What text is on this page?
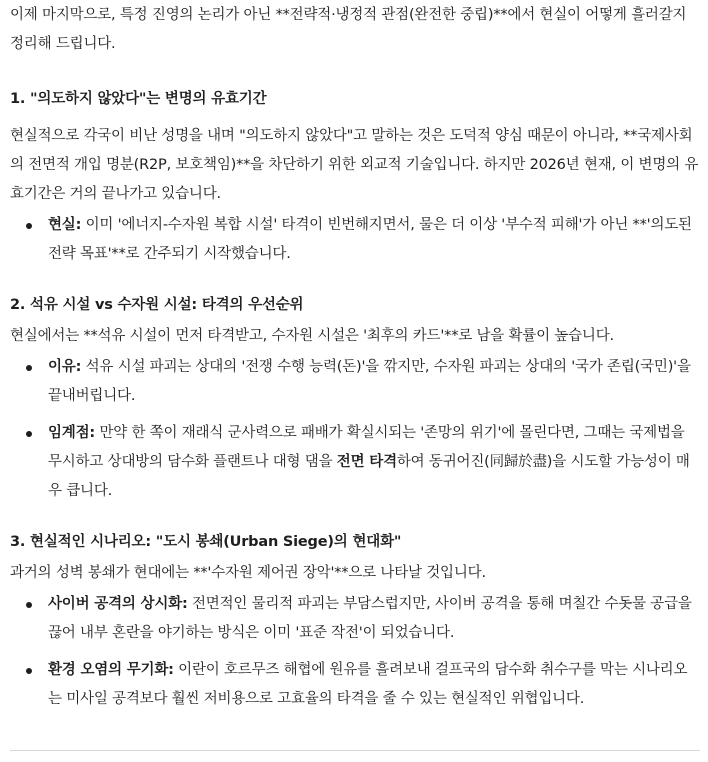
이제 마지막으로, 특정 진영의 논리가 아닌 **전략적·냉정적 관점(완전한 중립)**에서 현실이 어떻게 흘러갈지 정리해 드립니다.

1. "의도하지 않았다"는 변명의 유효기간

현실적으로 각국이 비난 성명을 내며 "의도하지 않았다"고 말하는 것은 도덕적 양심 때문이 아니라, **국제사회의 전면적 개입 명분(R2P, 보호책임)**을 차단하기 위한 외교적 기술입니다. 하지만 2026년 현재, 이 변명의 유효기간은 거의 끝나가고 있습니다.

현실: 이미 '에너지-수자원 복합 시설' 타격이 빈번해지면서, 물은 더 이상 '부수적 피해'가 아닌 **'의도된 전략 목표'**로 간주되기 시작했습니다.

2. 석유 시설 vs 수자원 시설: 타격의 우선순위

현실에서는 **석유 시설이 먼저 타격받고, 수자원 시설은 '최후의 카드'**로 남을 확률이 높습니다.

이유: 석유 시설 파괴는 상대의 '전쟁 수행 능력(돈)'을 깎지만, 수자원 파괴는 상대의 '국가 존립(국민)'을 끝내버립니다.
임계점: 만약 한 쪽이 재래식 군사력으로 패배가 확실시되는 '존망의 위기'에 몰린다면, 그때는 국제법을 무시하고 상대방의 담수화 플랜트나 대형 댐을 전면 타격하여 동귀어진(同歸於盡)을 시도할 가능성이 매우 큽니다.

3. 현실적인 시나리오: "도시 봉쇄(Urban Siege)의 현대화"

과거의 성벽 봉쇄가 현대에는 **'수자원 제어권 장악'**으로 나타날 것입니다.

사이버 공격의 상시화: 전면적인 물리적 파괴는 부담스럽지만, 사이버 공격을 통해 며칠간 수돗물 공급을 끊어 내부 혼란을 야기하는 방식은 이미 '표준 작전'이 되었습니다.
환경 오염의 무기화: 이란이 호르무즈 해협에 원유를 흘려보내 걸프국의 담수화 취수구를 막는 시나리오는 미사일 공격보다 훨씬 저비용으로 고효율의 타격을 줄 수 있는 현실적인 위협입니다.
